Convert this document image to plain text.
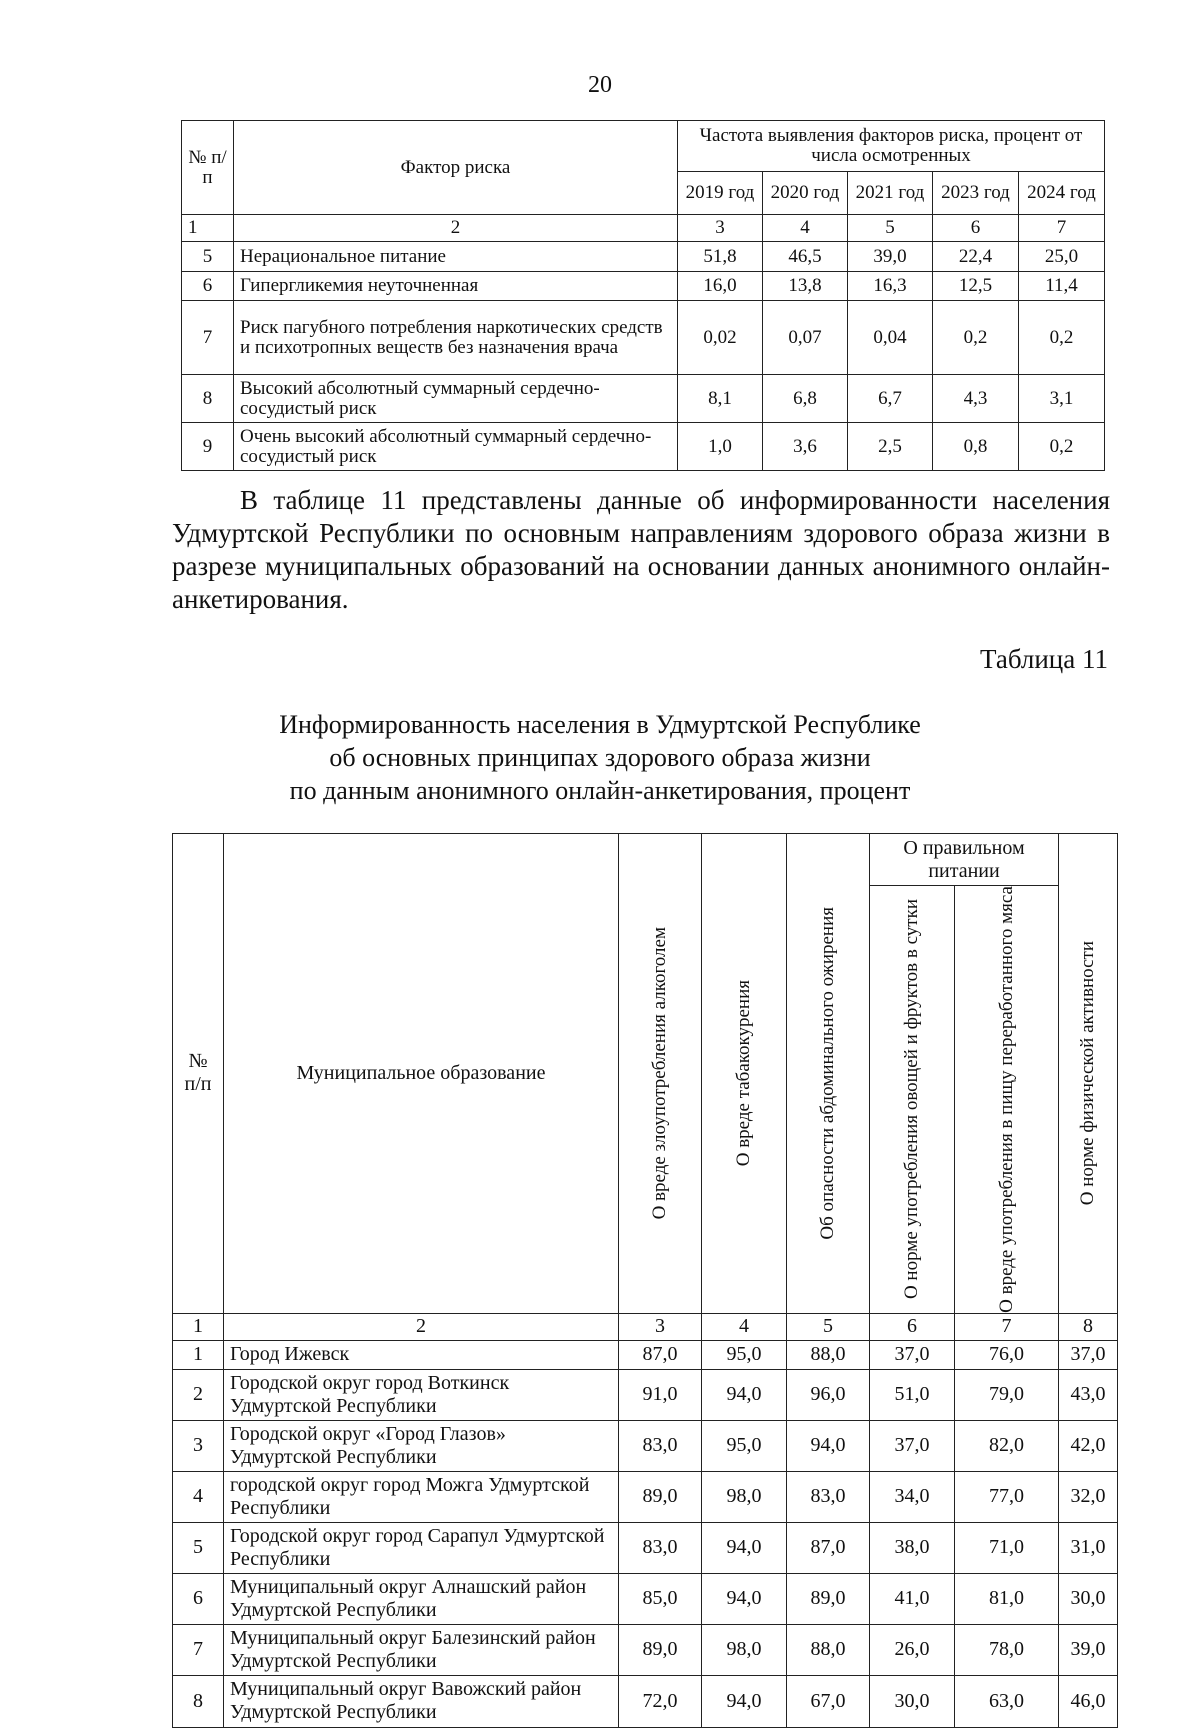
20
№ п/п	Фактор риска	Частота выявления факторов риска, процент от числа осмотренных				
		2019 год	2020 год	2021 год	2023 год	2024 год
1	2	3	4	5	6	7
5	Нерациональное питание	51,8	46,5	39,0	22,4	25,0
6	Гипергликемия неуточненная	16,0	13,8	16,3	12,5	11,4
7	Риск пагубного потребления наркотических средств и психотропных веществ без назначения врача	0,02	0,07	0,04	0,2	0,2
8	Высокий абсолютный суммарный сердечно-сосудистый риск	8,1	6,8	6,7	4,3	3,1
9	Очень высокий абсолютный суммарный сердечно-сосудистый риск	1,0	3,6	2,5	0,8	0,2

В таблице 11 представлены данные об информированности населения Удмуртской Республики по основным направлениям здорового образа жизни в разрезе муниципальных образований на основании данных анонимного онлайн-анкетирования.

Таблица 11
Информированность населения в Удмуртской Республике
об основных принципах здорового образа жизни
по данным анонимного онлайн-анкетирования, процент
№ п/п	Муниципальное образование	О вреде злоупотребления алкоголем	О вреде табакокурения	Об опасности абдоминального ожирения	О правильном питании		О норме физической активности

					О норме употребления овощей и фруктов в сутки	О вреде употребления в пищу переработанного мяса	

1	2	3	4	5	6	7	8
1	Город Ижевск	87,0	95,0	88,0	37,0	76,0	37,0
2	Городской округ город Воткинск Удмуртской Республики	91,0	94,0	96,0	51,0	79,0	43,0
3	Городской округ «Город Глазов» Удмуртской Республики	83,0	95,0	94,0	37,0	82,0	42,0
4	городской округ город Можга Удмуртской Республики	89,0	98,0	83,0	34,0	77,0	32,0
5	Городской округ город Сарапул Удмуртской Республики	83,0	94,0	87,0	38,0	71,0	31,0
6	Муниципальный округ Алнашский район Удмуртской Республики	85,0	94,0	89,0	41,0	81,0	30,0
7	Муниципальный округ Балезинский район Удмуртской Республики	89,0	98,0	88,0	26,0	78,0	39,0
8	Муниципальный округ Вавожский район Удмуртской Республики	72,0	94,0	67,0	30,0	63,0	46,0
